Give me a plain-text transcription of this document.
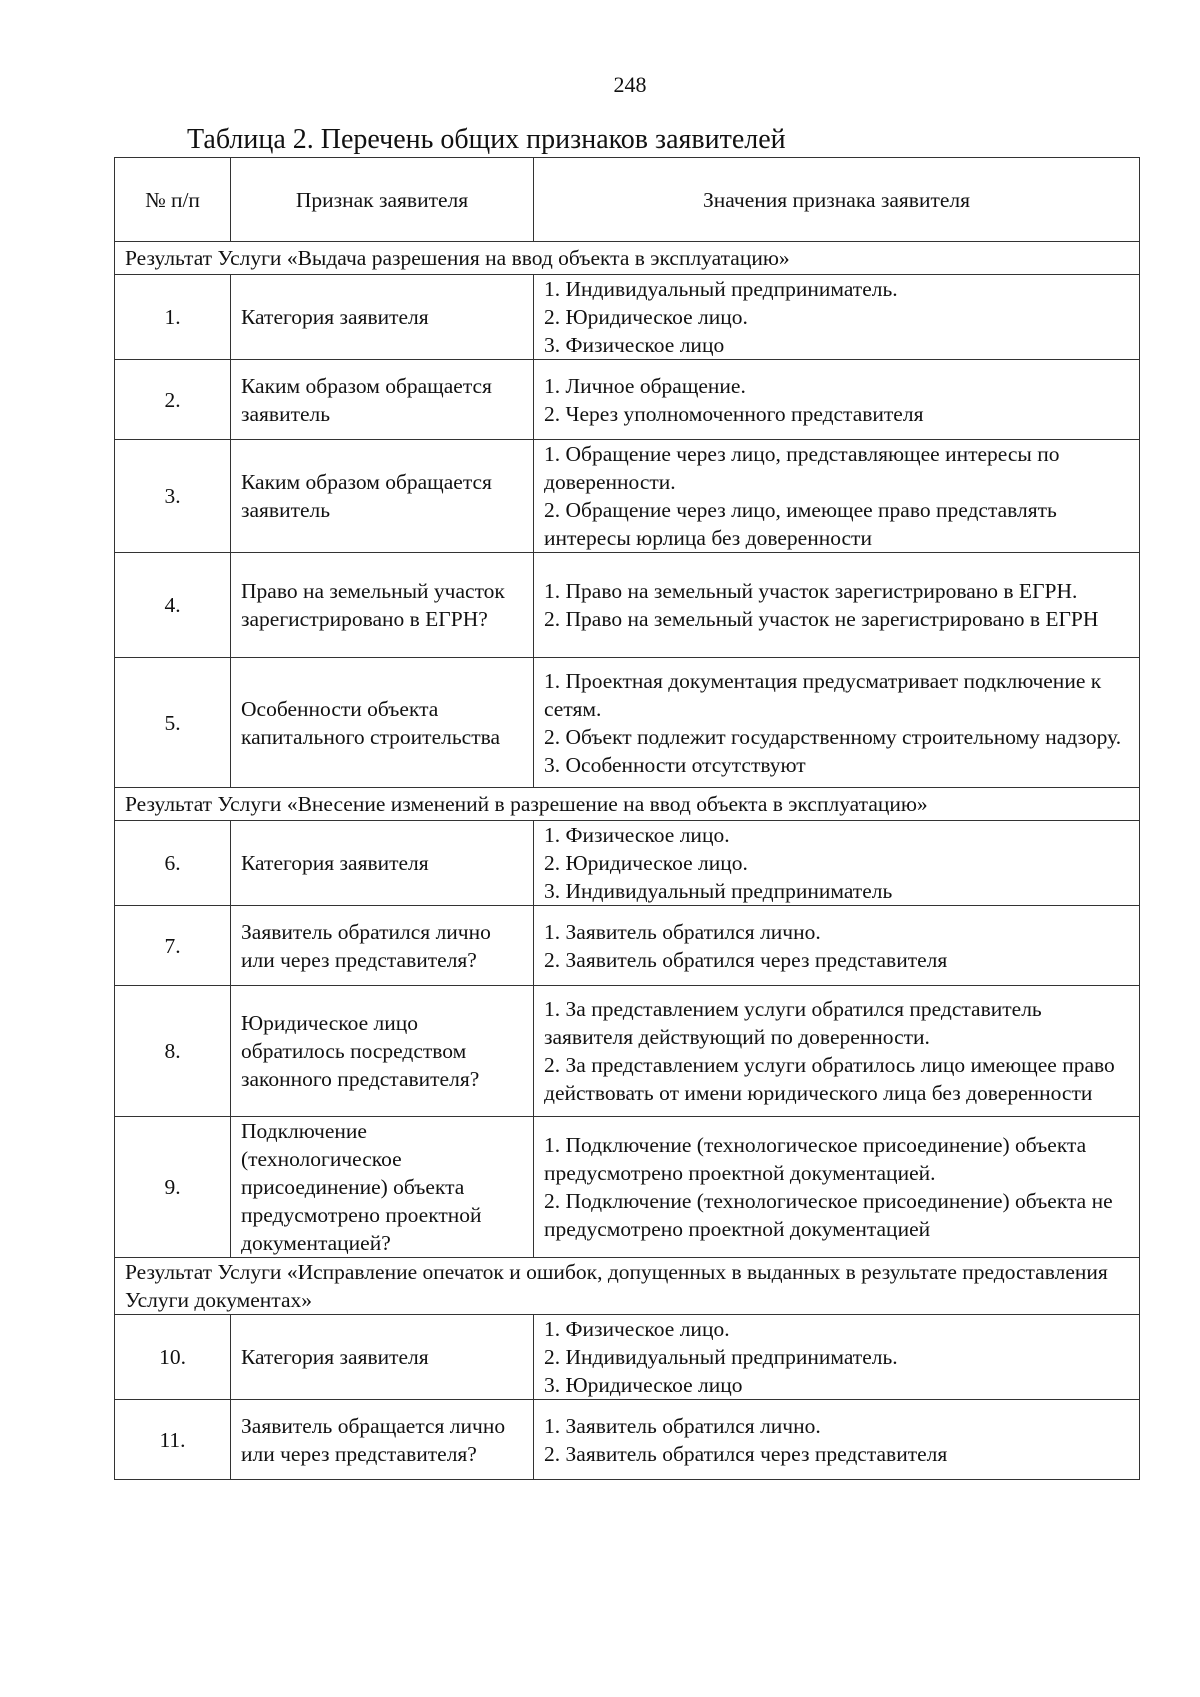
248
Таблица 2. Перечень общих признаков заявителей
№ п/п	Признак заявителя	Значения признака заявителя
Результат Услуги «Выдача разрешения на ввод объекта в эксплуатацию»		
1.	Категория заявителя	1. Индивидуальный предприниматель.
2. Юридическое лицо.
3. Физическое лицо

2.	Каким образом обращается заявитель	1. Личное обращение.
2. Через уполномоченного представителя

3.	Каким образом обращается заявитель	1. Обращение через лицо, представляющее интересы по доверенности.
2. Обращение через лицо, имеющее право представлять интересы юрлица без доверенности

4.	Право на земельный участок зарегистрировано в ЕГРН?	1. Право на земельный участок зарегистрировано в ЕГРН.
2. Право на земельный участок не зарегистрировано в ЕГРН

5.	Особенности объекта капитального строительства	1. Проектная документация предусматривает подключение к сетям.
2. Объект подлежит государственному строительному надзору.
3. Особенности отсутствуют

Результат Услуги «Внесение изменений в разрешение на ввод объекта в эксплуатацию»		
6.	Категория заявителя	1. Физическое лицо.
2. Юридическое лицо.
3. Индивидуальный предприниматель

7.	Заявитель обратился лично или через представителя?	1. Заявитель обратился лично.
2. Заявитель обратился через представителя

8.	Юридическое лицо обратилось посредством законного представителя?	1. За представлением услуги обратился представитель заявителя действующий по доверенности.
2. За представлением услуги обратилось лицо имеющее право действовать от имени юридического лица без доверенности

9.	Подключение (технологическое присоединение) объекта предусмотрено проектной документацией?	1. Подключение (технологическое присоединение) объекта предусмотрено проектной документацией.
2. Подключение (технологическое присоединение) объекта не предусмотрено проектной документацией

Результат Услуги «Исправление опечаток и ошибок, допущенных в выданных в результате предоставления Услуги документах»		
10.	Категория заявителя	1. Физическое лицо.
2. Индивидуальный предприниматель.
3. Юридическое лицо

11.	Заявитель обращается лично или через представителя?	1. Заявитель обратился лично.
2. Заявитель обратился через представителя
